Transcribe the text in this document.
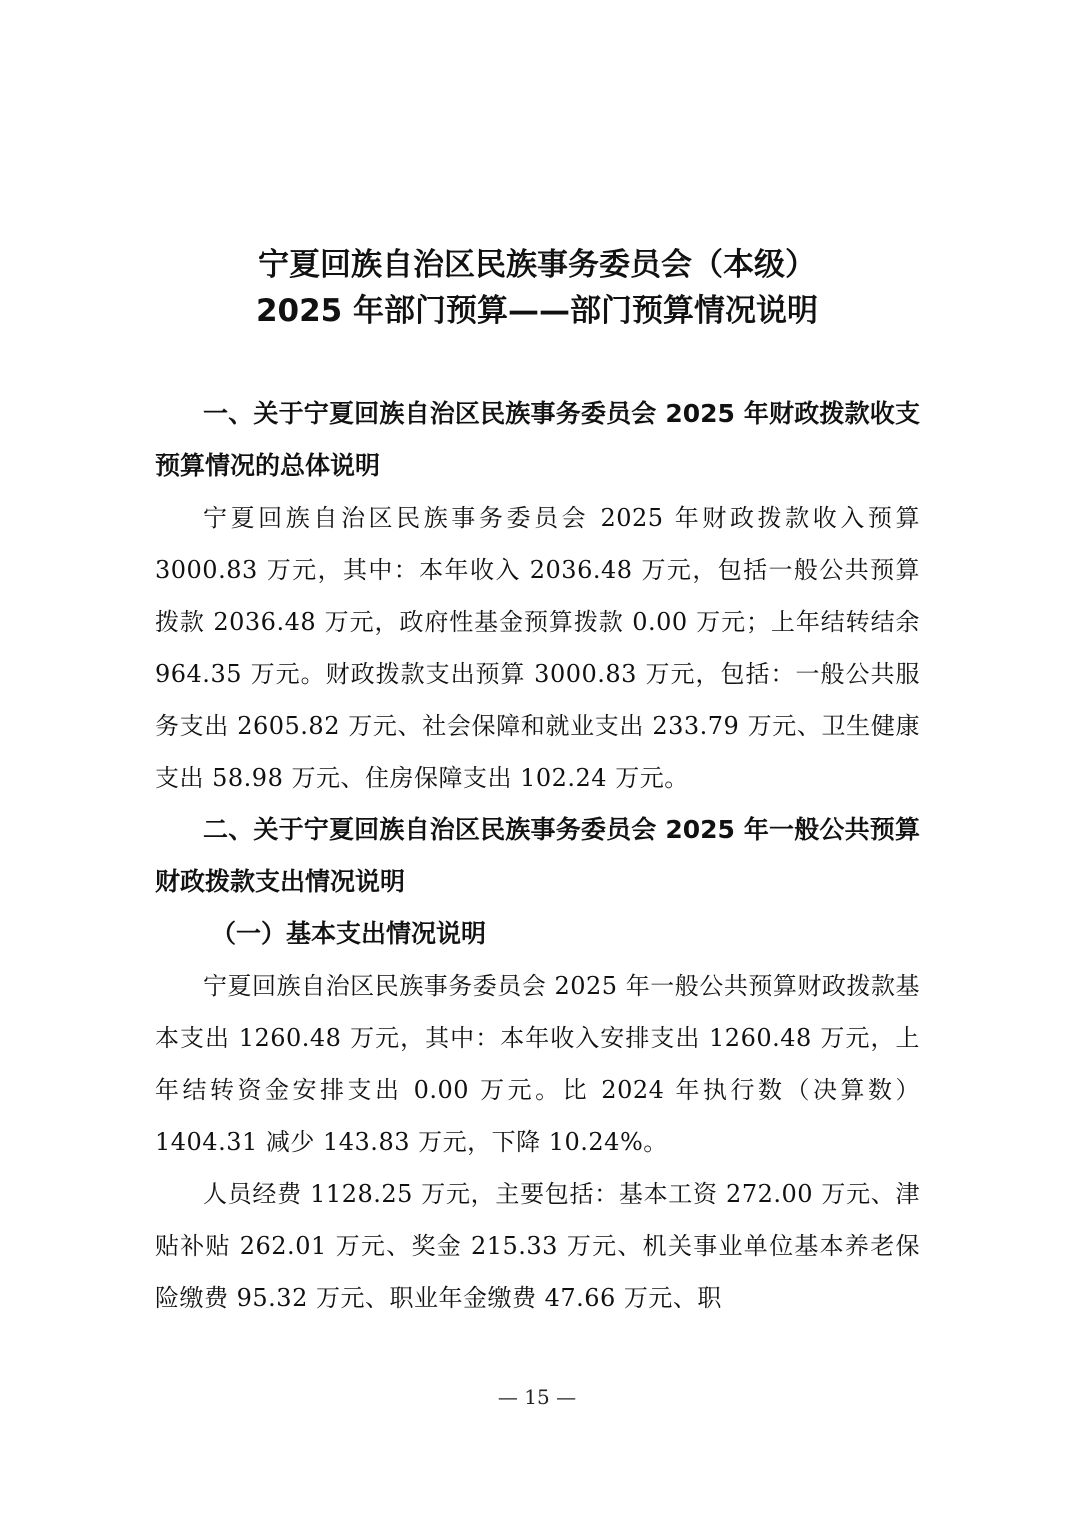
宁夏回族自治区民族事务委员会（本级）
2025 年部门预算——部门预算情况说明

一、关于宁夏回族自治区民族事务委员会 2025 年财政拨款收支预算情况的总体说明

宁夏回族自治区民族事务委员会 2025 年财政拨款收入预算 3000.83 万元，其中：本年收入 2036.48 万元，包括一般公共预算拨款 2036.48 万元，政府性基金预算拨款 0.00 万元；上年结转结余 964.35 万元。财政拨款支出预算 3000.83 万元，包括：一般公共服务支出 2605.82 万元、社会保障和就业支出 233.79 万元、卫生健康支出 58.98 万元、住房保障支出 102.24 万元。

二、关于宁夏回族自治区民族事务委员会 2025 年一般公共预算财政拨款支出情况说明

（一）基本支出情况说明

宁夏回族自治区民族事务委员会 2025 年一般公共预算财政拨款基本支出 1260.48 万元，其中：本年收入安排支出 1260.48 万元，上年结转资金安排支出 0.00 万元。比 2024 年执行数（决算数）1404.31 减少 143.83 万元，下降 10.24%。

人员经费 1128.25 万元，主要包括：基本工资 272.00 万元、津贴补贴 262.01 万元、奖金 215.33 万元、机关事业单位基本养老保险缴费 95.32 万元、职业年金缴费 47.66 万元、职

— 15 —
